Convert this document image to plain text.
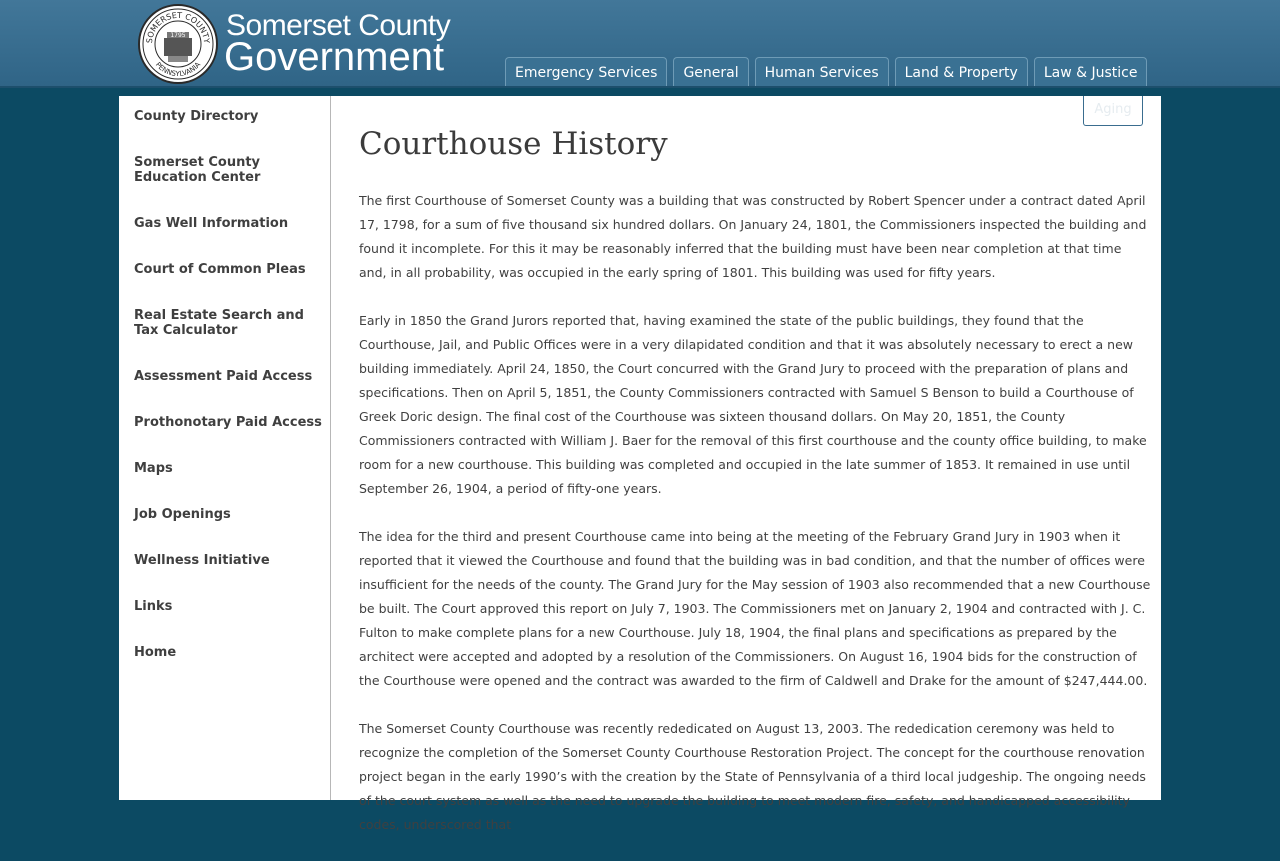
SOMERSET COUNTY
PENNSYLVANIA
1795 Somerset County
Government	Emergency Services	General	Human Services	Land & Property	Law & Justice
County Directory
Somerset County Education Center
Gas Well Information
Court of Common Pleas
Real Estate Search and Tax Calculator
Assessment Paid Access
Prothonotary Paid Access
Maps
Job Openings
Wellness Initiative
Links
Home
Aging
Courthouse History

The first Courthouse of Somerset County was a building that was constructed by Robert Spencer under a contract dated April 17, 1798, for a sum of five thousand six hundred dollars. On January 24, 1801, the Commissioners inspected the building and found it incomplete. For this it may be reasonably inferred that the building must have been near completion at that time and, in all probability, was occupied in the early spring of 1801. This building was used for fifty years.

Early in 1850 the Grand Jurors reported that, having examined the state of the public buildings, they found that the Courthouse, Jail, and Public Offices were in a very dilapidated condition and that it was absolutely necessary to erect a new building immediately. April 24, 1850, the Court concurred with the Grand Jury to proceed with the preparation of plans and specifications. Then on April 5, 1851, the County Commissioners contracted with Samuel S Benson to build a Courthouse of Greek Doric design. The final cost of the Courthouse was sixteen thousand dollars. On May 20, 1851, the County Commissioners contracted with William J. Baer for the removal of this first courthouse and the county office building, to make room for a new courthouse. This building was completed and occupied in the late summer of 1853. It remained in use until September 26, 1904, a period of fifty-one years.

The idea for the third and present Courthouse came into being at the meeting of the February Grand Jury in 1903 when it reported that it viewed the Courthouse and found that the building was in bad condition, and that the number of offices were insufficient for the needs of the county. The Grand Jury for the May session of 1903 also recommended that a new Courthouse be built. The Court approved this report on July 7, 1903. The Commissioners met on January 2, 1904 and contracted with J. C. Fulton to make complete plans for a new Courthouse. July 18, 1904, the final plans and specifications as prepared by the architect were accepted and adopted by a resolution of the Commissioners. On August 16, 1904 bids for the construction of the Courthouse were opened and the contract was awarded to the firm of Caldwell and Drake for the amount of $247,444.00.

The Somerset County Courthouse was recently rededicated on August 13, 2003. The rededication ceremony was held to recognize the completion of the Somerset County Courthouse Restoration Project. The concept for the courthouse renovation project began in the early 1990’s with the creation by the State of Pennsylvania of a third local judgeship. The ongoing needs of the court system as well as the need to upgrade the building to meet modern fire, safety, and handicapped accessibility codes, underscored that
